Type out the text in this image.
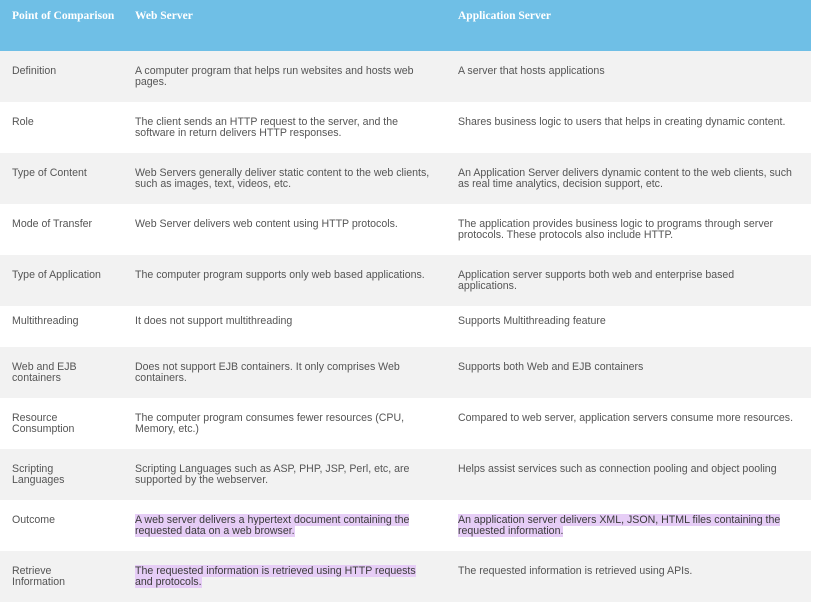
Point of Comparison	Web Server	Application Server
Definition	A computer program that helps run websites and hosts web pages.	A server that hosts applications
Role	The client sends an HTTP request to the server, and the software in return delivers HTTP responses.	Shares business logic to users that helps in creating dynamic content.
Type of Content	Web Servers generally deliver static content to the web clients, such as images, text, videos, etc.	An Application Server delivers dynamic content to the web clients, such as real time analytics, decision support, etc.
Mode of Transfer	Web Server delivers web content using HTTP protocols.	The application provides business logic to programs through server protocols. These protocols also include HTTP.
Type of Application	The computer program supports only web based applications.	Application server supports both web and enterprise based applications.
Multithreading	It does not support multithreading	Supports Multithreading feature
Web and EJB containers	Does not support EJB containers. It only comprises Web containers.	Supports both Web and EJB containers
Resource Consumption	The computer program consumes fewer resources (CPU, Memory, etc.)	Compared to web server, application servers consume more resources.
Scripting Languages	Scripting Languages such as ASP, PHP, JSP, Perl, etc, are supported by the webserver.	Helps assist services such as connection pooling and object pooling
Outcome	A web server delivers a hypertext document containing the requested data on a web browser.	An application server delivers XML, JSON, HTML files containing the requested information.
Retrieve Information	The requested information is retrieved using HTTP requests and protocols.	The requested information is retrieved using APIs.
